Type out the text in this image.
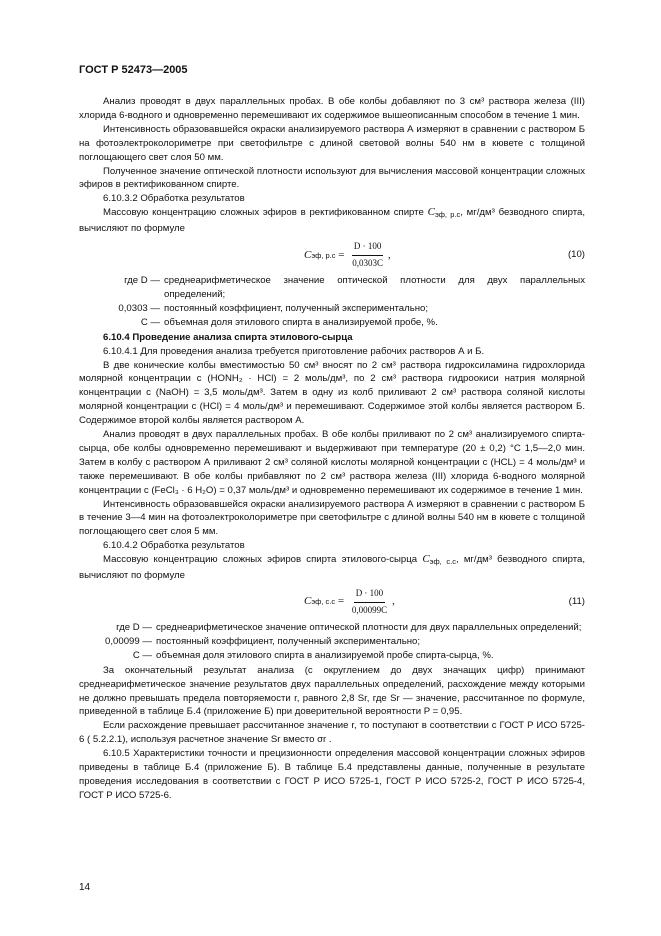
ГОСТ Р 52473—2005

Анализ проводят в двух параллельных пробах. В обе колбы добавляют по 3 см³ раствора железа (III) хлорида 6-водного и одновременно перемешивают их содержимое вышеописанным способом в течение 1 мин.

Интенсивность образовавшейся окраски анализируемого раствора А измеряют в сравнении с раствором Б на фотоэлектроколориметре при светофильтре с длиной световой волны 540 нм в кювете с толщиной поглощающего свет слоя 50 мм.

Полученное значение оптической плотности используют для вычисления массовой концентрации сложных эфиров в ректификованном спирте.

6.10.3.2 Обработка результатов

Массовую концентрацию сложных эфиров в ректификованном спирте $C_{эф, р.с}$, мг/дм³ безводного спирта, вычисляют по формуле

C эф, $р.с = \frac{D \cdot 100}{0,0303C}$ ,	(10)
где D — среднеарифметическое значение оптической плотности для двух параллельных определений;
0,0303 — постоянный коэффициент, полученный экспериментально;
C — объемная доля этилового спирта в анализируемой пробе, %.

6.10.4 Проведение анализа спирта этилового-сырца

6.10.4.1 Для проведения анализа требуется приготовление рабочих растворов А и Б.

В две конические колбы вместимостью 50 см³ вносят по 2 см³ раствора гидроксиламина гидрохлорида молярной концентрации с (HONH₂ · HCl) = 2 моль/дм³, по 2 см³ раствора гидроокиси натрия молярной концентрации с (NaOH) = 3,5 моль/дм³. Затем в одну из колб приливают 2 см³ раствора соляной кислоты молярной концентрации с (HCl) = 4 моль/дм³ и перемешивают. Содержимое этой колбы является раствором Б. Содержимое второй колбы является раствором А.

Анализ проводят в двух параллельных пробах. В обе колбы приливают по 2 см³ анализируемого спирта-сырца, обе колбы одновременно перемешивают и выдерживают при температуре (20 ± 0,2) °С 1,5—2,0 мин. Затем в колбу с раствором А приливают 2 см³ соляной кислоты молярной концентрации с (HCL) = 4 моль/дм³ и также перемешивают. В обе колбы прибавляют по 2 см³ раствора железа (III) хлорида 6-водного молярной концентрации с (FeCl₃ · 6 H₂O) = 0,37 моль/дм³ и одновременно перемешивают их содержимое в течение 1 мин.

Интенсивность образовавшейся окраски анализируемого раствора А измеряют в сравнении с раствором Б в течение 3—4 мин на фотоэлектроколориметре при светофильтре с длиной волны 540 нм в кювете с толщиной поглощающего свет слоя 5 мм.

6.10.4.2 Обработка результатов

Массовую концентрацию сложных эфиров спирта этилового-сырца $C_{эф, с.с}$, мг/дм³ безводного спирта, вычисляют по формуле

C эф, $с.с = \frac{D \cdot 100}{0,00099C}$ ,	(11)
где D — среднеарифметическое значение оптической плотности для двух параллельных определений;
0,00099 — постоянный коэффициент, полученный экспериментально;
C — объемная доля этилового спирта в анализируемой пробе спирта-сырца, %.

За окончательный результат анализа (с округлением до двух значащих цифр) принимают среднеарифметическое значение результатов двух параллельных определений, расхождение между которыми не должно превышать предела повторяемости r, равного 2,8 Sr, где Sr — значение, рассчитанное по формуле, приведенной в таблице Б.4 (приложение Б) при доверительной вероятности P = 0,95.

Если расхождение превышает рассчитанное значение r, то поступают в соответствии с ГОСТ Р ИСО 5725-6 ( 5.2.2.1), используя расчетное значение Sr вместо σr .

6.10.5 Характеристики точности и прецизионности определения массовой концентрации сложных эфиров приведены в таблице Б.4 (приложение Б). В таблице Б.4 представлены данные, полученные в результате проведения исследования в соответствии с ГОСТ Р ИСО 5725-1, ГОСТ Р ИСО 5725-2, ГОСТ Р ИСО 5725-4, ГОСТ Р ИСО 5725-6.

14
